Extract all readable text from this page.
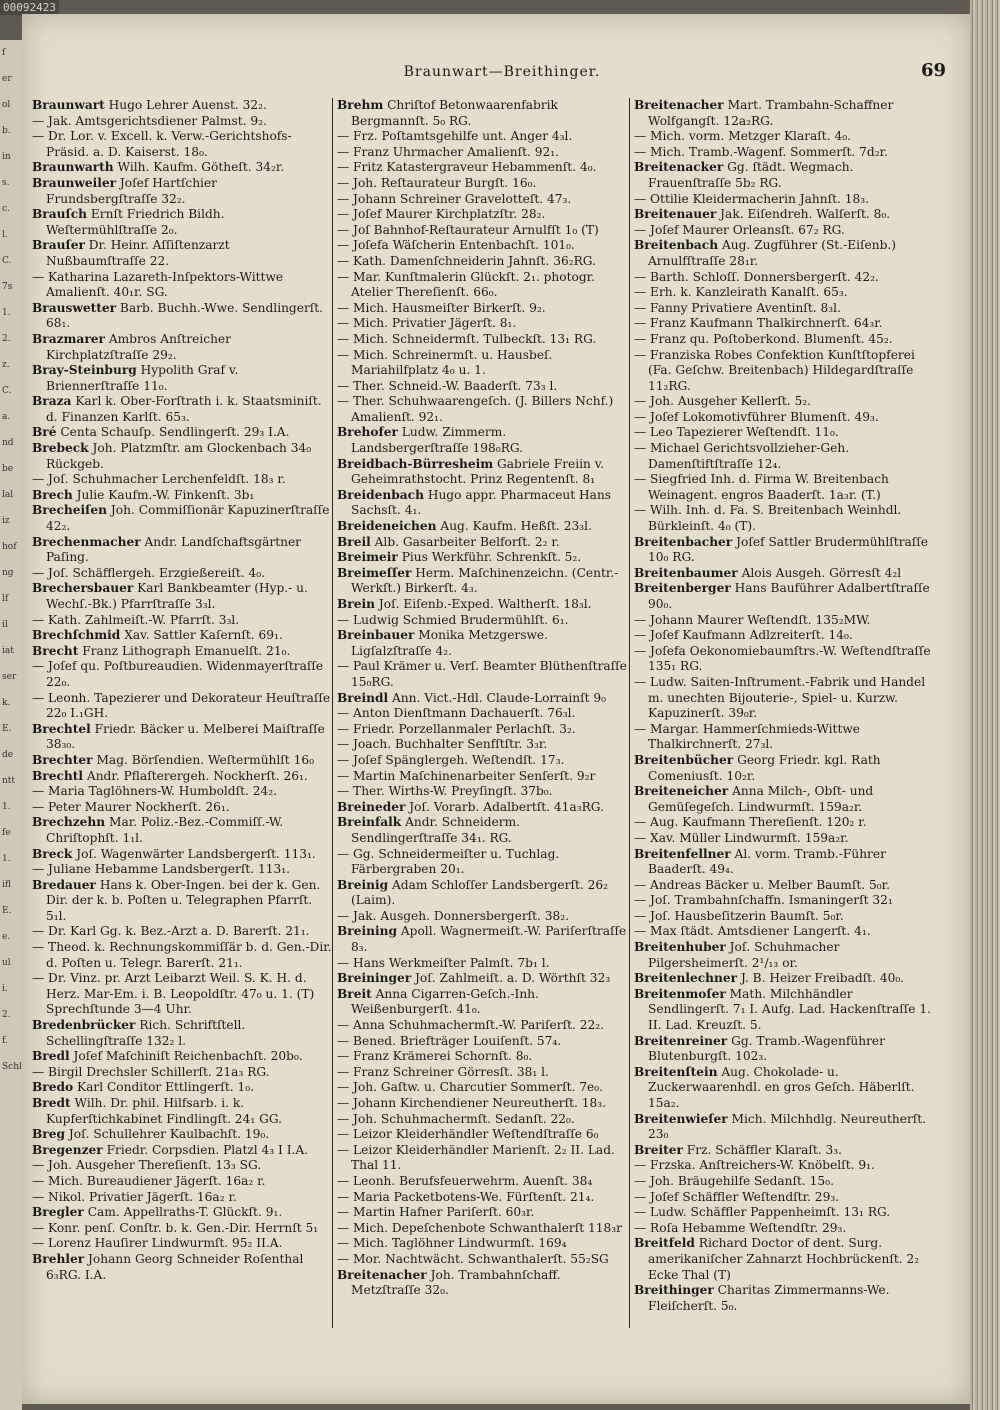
00092423
f
er
ol
b.
in
s.
c.
l.
C.
7s
1.
2.
z.
C.
a.
nd
be
lal
iz
hof
ng
lf
il
iat
ser
k.
E.
de
ntt
1.
fe
1.
ifl
E.
e.
ul
i.
2.
f.
Schl
Braunwart—Breithinger.	69

Braunwart Hugo Lehrer Auenst. 32₂.

— Jak. Amtsgerichtsdiener Palmst. 9₂.

— Dr. Lor. v. Excell. k. Verw.-Gerichtshofs-Präsid. a. D. Kaiserst. 18₀.

Braunwarth Wilh. Kaufm. Götheſt. 34₂r.

Braunweiler Joſef Hartſchier Frundsbergſtraſſe 32₂.

Brauſch Ernſt Friedrich Bildh. Weſtermühlſtraſſe 2₀.

Brauſer Dr. Heinr. Aſſiſtenzarzt Nußbaumſtraſſe 22.

— Katharina Lazareth-Inſpektors-Wittwe Amalienſt. 40₁r. SG.

Brauswetter Barb. Buchh.-Wwe. Sendlingerſt. 68₁.

Brazmarer Ambros Anſtreicher Kirchplatzſtraſſe 29₂.

Bray-Steinburg Hypolith Graf v. Briennerſtraſſe 11₀.

Braza Karl k. Ober-Forſtrath i. k. Staatsminiſt. d. Finanzen Karlſt. 65₃.

Bré Centa Schauſp. Sendlingerſt. 29₃ I.A.

Brebeck Joh. Platzmſtr. am Glockenbach 34₀ Rückgeb.

— Joſ. Schuhmacher Lerchenfeldſt. 18₃ r.

Brech Julie Kaufm.-W. Finkenſt. 3b₁

Brecheiſen Joh. Commiſſionär Kapuzinerſtraſſe 42₂.

Brechenmacher Andr. Landſchaftsgärtner Paſing.

— Joſ. Schäfflergeh. Erzgießereiſt. 4₀.

Brechersbauer Karl Bankbeamter (Hyp.- u. Wechſ.-Bk.) Pfarrſtraſſe 3₃l.

— Kath. Zahlmeiſt.-W. Pfarrſt. 3₃l.

Brechſchmid Xav. Sattler Kaſernſt. 69₁.

Brecht Franz Lithograph Emanuelſt. 21₀.

— Joſef qu. Poſtbureaudien. Widenmayerſtraſſe 22₀.

— Leonh. Tapezierer und Dekorateur Heuſtraſſe 22₀ I.₁GH.

Brechtel Friedr. Bäcker u. Melberei Maiſtraſſe 38₃₀.

Brechter Mag. Börſendien. Weſtermühlſt 16₀

Brechtl Andr. Pflaſterergeh. Nockherſt. 26₁.

— Maria Taglöhners-W. Humboldſt. 24₂.

— Peter Maurer Nockherſt. 26₁.

Brechzehn Mar. Poliz.-Bez.-Commiſſ.-W. Chriſtophſt. 1₁l.

Breck Joſ. Wagenwärter Landsbergerſt. 113₁.

— Juliane Hebamme Landsbergerſt. 113₁.

Bredauer Hans k. Ober-Ingen. bei der k. Gen. Dir. der k. b. Poſten u. Telegraphen Pfarrſt. 5₁l.

— Dr. Karl Gg. k. Bez.-Arzt a. D. Barerſt. 21₁.

— Theod. k. Rechnungskommiſſär b. d. Gen.-Dir. d. Poſten u. Telegr. Barerſt. 21₁.

— Dr. Vinz. pr. Arzt Leibarzt Weil. S. K. H. d. Herz. Mar-Em. i. B. Leopoldſtr. 47₀ u. 1. (T) Sprechſtunde 3—4 Uhr.

Bredenbrücker Rich. Schriftſtell. Schellingſtraſſe 132₂ l.

Bredl Joſef Maſchiniſt Reichenbachſt. 20b₀.

— Birgil Drechsler Schillerſt. 21a₃ RG.

Bredo Karl Conditor Ettlingerſt. 1₀.

Bredt Wilh. Dr. phil. Hilfsarb. i. k. Kupferſtichkabinet Findlingſt. 24₁ GG.

Breg Joſ. Schullehrer Kaulbachſt. 19₀.

Bregenzer Friedr. Corpsdien. Platzl 4₃ I I.A.

— Joh. Ausgeher Thereſienſt. 13₃ SG.

— Mich. Bureaudiener Jägerſt. 16a₂ r.

— Nikol. Privatier Jägerſt. 16a₂ r.

Bregler Cam. Appellraths-T. Glückſt. 9₁.

— Konr. penſ. Conſtr. b. k. Gen.-Dir. Herrnſt 5₁

— Lorenz Hauſirer Lindwurmſt. 95₂ II.A.

Brehler Johann Georg Schneider Roſenthal 6₃RG. I.A.

Brehm Chriſtof Betonwaarenfabrik Bergmannſt. 5₀ RG.

— Frz. Poſtamtsgehilfe unt. Anger 4₃l.

— Franz Uhrmacher Amalienſt. 92₁.

— Fritz Katastergraveur Hebammenſt. 4₀.

— Joh. Reſtaurateur Burgſt. 16₀.

— Johann Schreiner Gravelotteſt. 47₃.

— Joſef Maurer Kirchplatzſtr. 28₂.

— Joſ Bahnhof-Reſtaurateur Arnulfſt 1₀ (T)

— Joſefa Wäſcherin Entenbachſt. 101₀.

— Kath. Damenſchneiderin Jahnſt. 36₂RG.

— Mar. Kunſtmalerin Glückſt. 2₁. photogr. Atelier Thereſienſt. 66₀.

— Mich. Hausmeiſter Birkerſt. 9₂.

— Mich. Privatier Jägerſt. 8₁.

— Mich. Schneidermſt. Tulbeckſt. 13₁ RG.

— Mich. Schreinermſt. u. Hausbeſ. Mariahilfplatz 4₀ u. 1.

— Ther. Schneid.-W. Baaderſt. 73₃ l.

— Ther. Schuhwaarengeſch. (J. Billers Nchf.) Amalienſt. 92₁.

Brehofer Ludw. Zimmerm. Landsbergerſtraſſe 198₀RG.

Breidbach-Bürresheim Gabriele Freiin v. Geheimrathstocht. Prinz Regentenſt. 8₁

Breidenbach Hugo appr. Pharmaceut Hans Sachsſt. 4₁.

Breideneichen Aug. Kaufm. Heßſt. 23₃l.

Breil Alb. Gasarbeiter Belforſt. 2₂ r.

Breimeir Pius Werkführ. Schrenkſt. 5₂.

Breimeſſer Herm. Maſchinenzeichn. (Centr.-Werkſt.) Birkerſt. 4₃.

Brein Joſ. Eiſenb.-Exped. Waltherſt. 18₃l.

— Ludwig Schmied Brudermühlſt. 6₁.

Breinbauer Monika Metzgerswe. Ligſalzſtraſſe 4₂.

— Paul Krämer u. Verſ. Beamter Blüthenſtraſſe 15₀RG.

Breindl Ann. Vict.-Hdl. Claude-Lorrainſt 9₀

— Anton Dienſtmann Dachauerſt. 76₃l.

— Friedr. Porzellanmaler Perlachſt. 3₂.

— Joach. Buchhalter Senfſtſtr. 3₃r.

— Joſef Spänglergeh. Weſtendſt. 17₃.

— Martin Maſchinenarbeiter Senſerſt. 9₂r

— Ther. Wirths-W. Preyſingſt. 37b₀.

Breineder Joſ. Vorarb. Adalbertſt. 41a₃RG.

Breinfalk Andr. Schneiderm. Sendlingerſtraſſe 34₁. RG.

— Gg. Schneidermeiſter u. Tuchlag. Färbergraben 20₁.

Breinig Adam Schloſſer Landsbergerſt. 26₂ (Laim).

— Jak. Ausgeh. Donnersbergerſt. 38₂.

Breining Apoll. Wagnermeiſt.-W. Pariſerſtraſſe 8₃.

— Hans Werkmeiſter Palmſt. 7b₁ l.

Breininger Joſ. Zahlmeiſt. a. D. Wörthſt 32₃

Breit Anna Cigarren-Geſch.-Inh. Weißenburgerſt. 41₀.

— Anna Schuhmachermſt.-W. Pariſerſt. 22₂.

— Bened. Briefträger Louiſenſt. 57₄.

— Franz Krämerei Schornſt. 8₀.

— Franz Schreiner Görresſt. 38₁ l.

— Joh. Gaſtw. u. Charcutier Sommerſt. 7e₀.

— Johann Kirchendiener Neureutherſt. 18₃.

— Joh. Schuhmachermſt. Sedanſt. 22₀.

— Leizor Kleiderhändler Weſtendſtraſſe 6₀

— Leizor Kleiderhändler Marienſt. 2₂ II. Lad. Thal 11.

— Leonh. Berufsfeuerwehrm. Auenſt. 38₄

— Maria Packetbotens-We. Fürſtenſt. 21₄.

— Martin Hafner Pariſerſt. 60₃r.

— Mich. Depeſchenbote Schwanthalerſt 118₃r

— Mich. Taglöhner Lindwurmſt. 169₄

— Mor. Nachtwächt. Schwanthalerſt. 55₂SG

Breitenacher Joh. Trambahnſchaff. Metzſtraſſe 32₀.

Breitenacher Mart. Trambahn-Schaffner Wolfgangſt. 12a₂RG.

— Mich. vorm. Metzger Klaraſt. 4₀.

— Mich. Tramb.-Wagenf. Sommerſt. 7d₂r.

Breitenacker Gg. ſtädt. Wegmach. Frauenſtraſſe 5b₂ RG.

— Ottilie Kleidermacherin Jahnſt. 18₃.

Breitenauer Jak. Eiſendreh. Walſerſt. 8₀.

— Joſef Maurer Orleansſt. 67₂ RG.

Breitenbach Aug. Zugführer (St.-Eiſenb.) Arnulfſtraſſe 28₁r.

— Barth. Schloſſ. Donnersbergerſt. 42₂.

— Erh. k. Kanzleirath Kanalſt. 65₃.

— Fanny Privatiere Aventinſt. 8₃l.

— Franz Kaufmann Thalkirchnerſt. 64₃r.

— Franz qu. Poſtoberkond. Blumenſt. 45₂.

— Franziska Robes Confektion Kunſtſtopferei (Fa. Geſchw. Breitenbach) Hildegardſtraſſe 11₂RG.

— Joh. Ausgeher Kellerſt. 5₂.

— Joſef Lokomotivführer Blumenſt. 49₃.

— Leo Tapezierer Weſtendſt. 11₀.

— Michael Gerichtsvollzieher-Geh. Damenſtiftſtraſſe 12₄.

— Siegfried Inh. d. Firma W. Breitenbach Weinagent. engros Baaderſt. 1a₃r. (T.)

— Wilh. Inh. d. Fa. S. Breitenbach Weinhdl. Bürkleinſt. 4₀ (T).

Breitenbacher Joſef Sattler Brudermühlſtraſſe 10₀ RG.

Breitenbaumer Alois Ausgeh. Görresſt 4₂l

Breitenberger Hans Bauführer Adalbertſtraſſe 90₀.

— Johann Maurer Weſtendſt. 135₂MW.

— Joſef Kaufmann Adlzreiterſt. 14₀.

— Joſefa Oekonomiebaumſtrs.-W. Weſtendſtraſſe 135₁ RG.

— Ludw. Saiten-Inſtrument.-Fabrik und Handel m. unechten Bijouterie-, Spiel- u. Kurzw. Kapuzinerſt. 39₀r.

— Margar. Hammerſchmieds-Wittwe Thalkirchnerſt. 27₃l.

Breitenbücher Georg Friedr. kgl. Rath Comeniusſt. 10₂r.

Breiteneicher Anna Milch-, Obſt- und Gemüſegeſch. Lindwurmſt. 159a₂r.

— Aug. Kaufmann Thereſienſt. 120₂ r.

— Xav. Müller Lindwurmſt. 159a₂r.

Breitenfellner Al. vorm. Tramb.-Führer Baaderſt. 49₄.

— Andreas Bäcker u. Melber Baumſt. 5₀r.

— Joſ. Trambahnſchaffn. Ismaningerſt 32₁

— Joſ. Hausbeſitzerin Baumſt. 5₀r.

— Max ſtädt. Amtsdiener Langerſt. 4₁.

Breitenhuber Joſ. Schuhmacher Pilgersheimerſt. 2¹/₁₃ or.

Breitenlechner J. B. Heizer Freibadſt. 40₀.

Breitenmoſer Math. Milchhändler Sendlingerſt. 7₁ I. Aufg. Lad. Hackenſtraſſe 1. II. Lad. Kreuzſt. 5.

Breitenreiner Gg. Tramb.-Wagenführer Blutenburgſt. 102₃.

Breitenſtein Aug. Chokolade- u. Zuckerwaarenhdl. en gros Geſch. Häberlſt. 15a₂.

Breitenwieſer Mich. Milchhdlg. Neureutherſt. 23₀

Breiter Frz. Schäffler Klaraſt. 3₃.

— Frzska. Anſtreichers-W. Knöbelſt. 9₁.

— Joh. Bräugehilfe Sedanſt. 15₀.

— Joſef Schäffler Weſtendſtr. 29₃.

— Ludw. Schäffler Pappenheimſt. 13₁ RG.

— Roſa Hebamme Weſtendſtr. 29₃.

Breitfeld Richard Doctor of dent. Surg. amerikaniſcher Zahnarzt Hochbrückenſt. 2₂ Ecke Thal (T)

Breithinger Charitas Zimmermanns-We. Fleiſcherſt. 5₀.
